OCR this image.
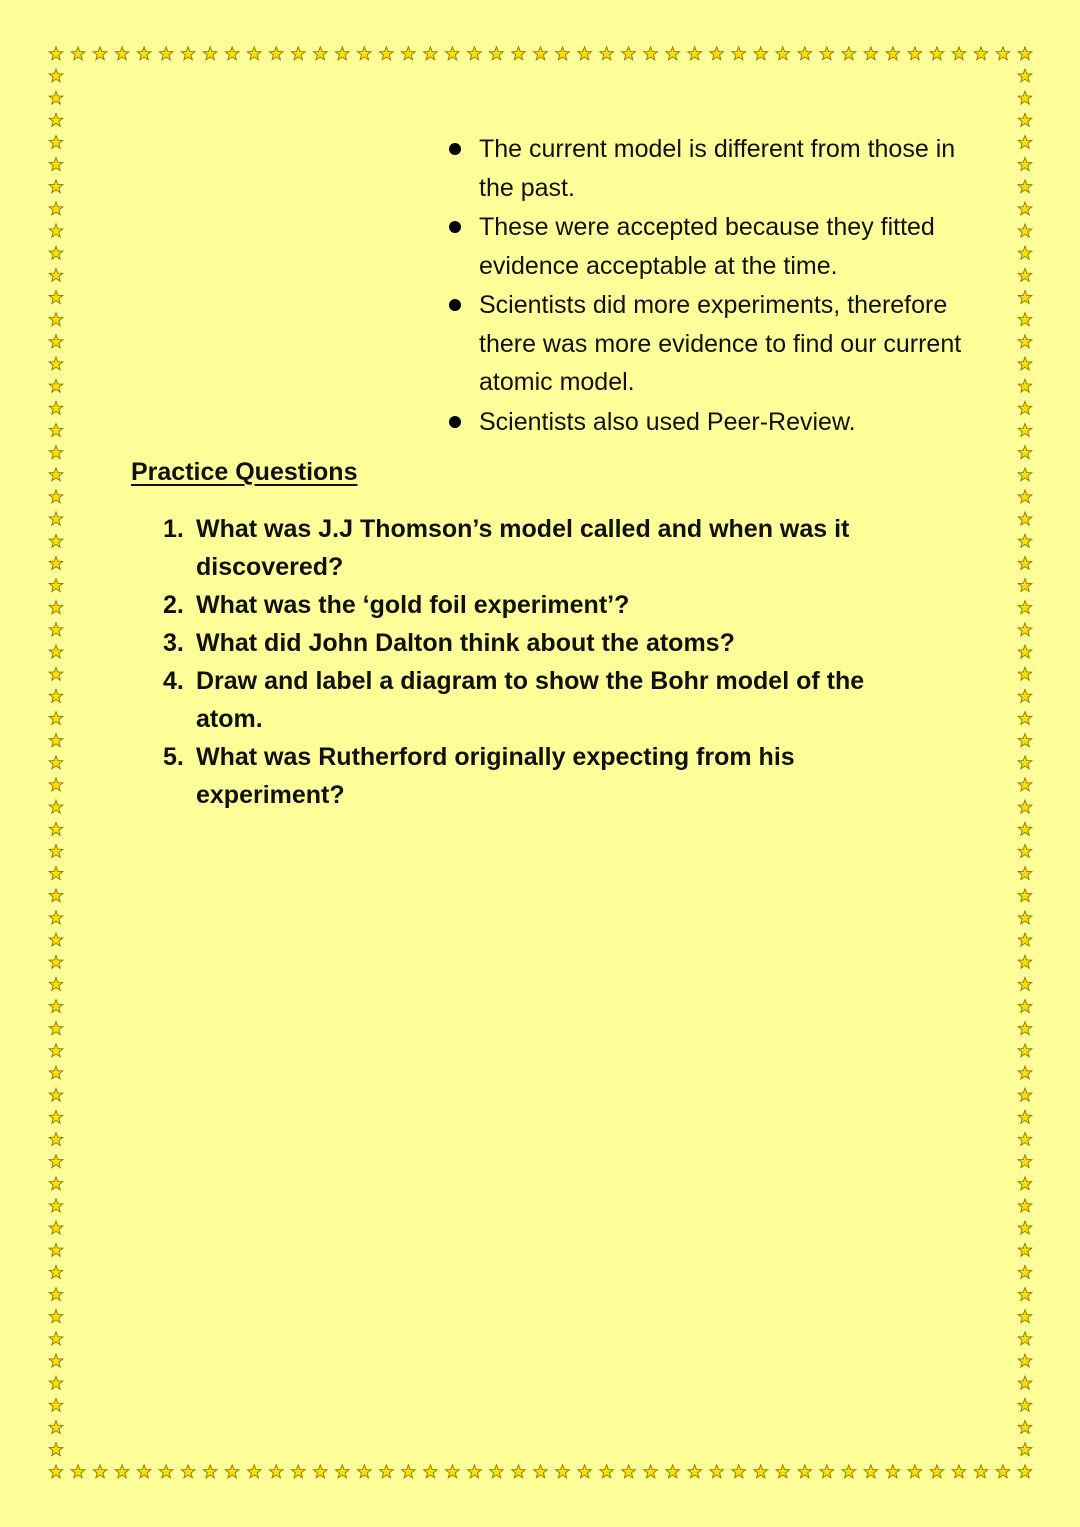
The current model is different from those in the past.
These were accepted because they fitted evidence acceptable at the time.
Scientists did more experiments, therefore there was more evidence to find our current atomic model.
Scientists also used Peer-Review.
Practice Questions
1. What was J.J Thomson’s model called and when was it discovered?
2. What was the ‘gold foil experiment’?
3. What did John Dalton think about the atoms?
4. Draw and label a diagram to show the Bohr model of the atom.
5. What was Rutherford originally expecting from his experiment?
